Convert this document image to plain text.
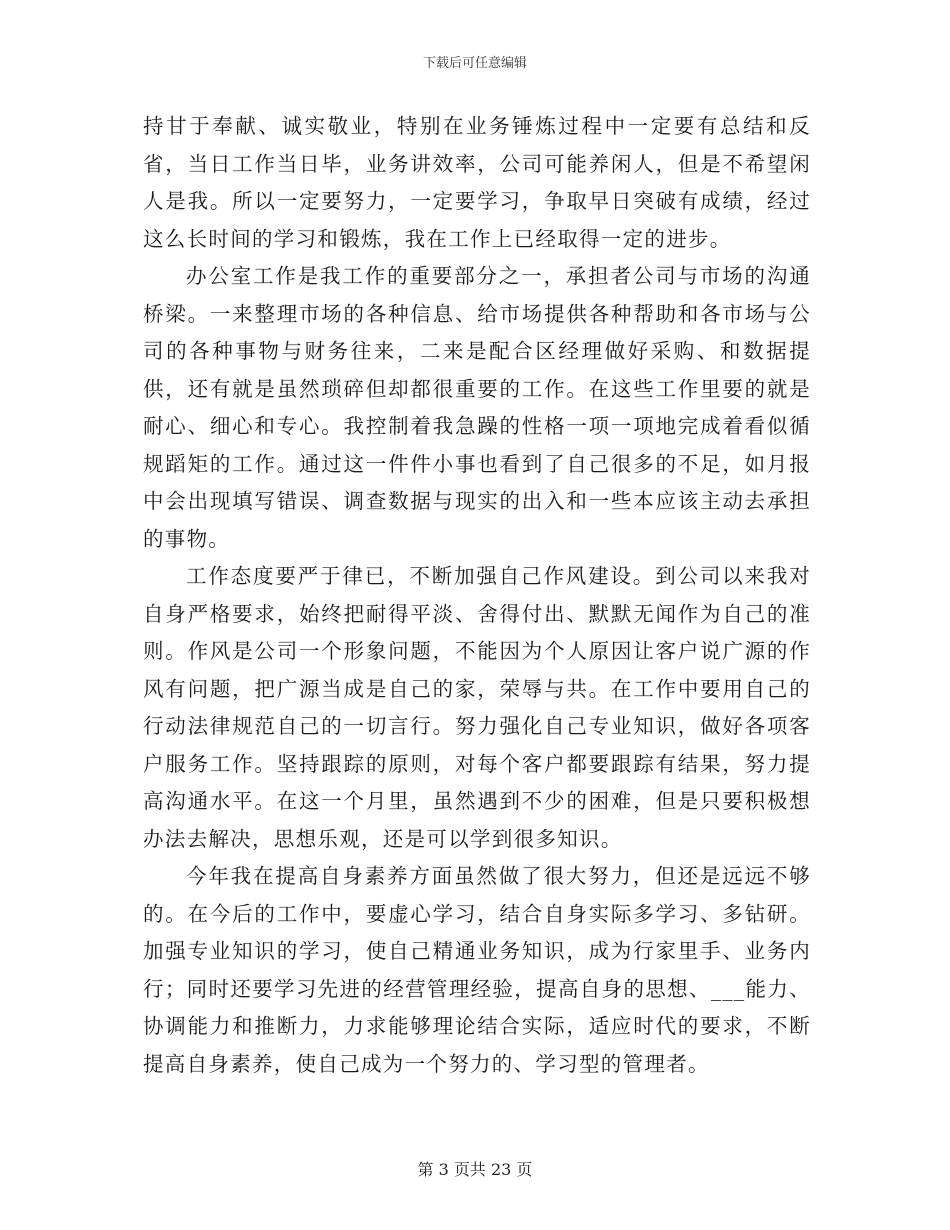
下载后可任意编辑

持甘于奉献、诚实敬业，特别在业务锤炼过程中一定要有总结和反省，当日工作当日毕，业务讲效率，公司可能养闲人，但是不希望闲人是我。所以一定要努力，一定要学习，争取早日突破有成绩，经过这么长时间的学习和锻炼，我在工作上已经取得一定的进步。

办公室工作是我工作的重要部分之一，承担者公司与市场的沟通桥梁。一来整理市场的各种信息、给市场提供各种帮助和各市场与公司的各种事物与财务往来，二来是配合区经理做好采购、和数据提供，还有就是虽然琐碎但却都很重要的工作。在这些工作里要的就是耐心、细心和专心。我控制着我急躁的性格一项一项地完成着看似循规蹈矩的工作。通过这一件件小事也看到了自己很多的不足，如月报中会出现填写错误、调查数据与现实的出入和一些本应该主动去承担的事物。

工作态度要严于律已，不断加强自己作风建设。到公司以来我对自身严格要求，始终把耐得平淡、舍得付出、默默无闻作为自己的准则。作风是公司一个形象问题，不能因为个人原因让客户说广源的作风有问题，把广源当成是自己的家，荣辱与共。在工作中要用自己的行动法律规范自己的一切言行。努力强化自己专业知识，做好各项客户服务工作。坚持跟踪的原则，对每个客户都要跟踪有结果，努力提高沟通水平。在这一个月里，虽然遇到不少的困难，但是只要积极想办法去解决，思想乐观，还是可以学到很多知识。

今年我在提高自身素养方面虽然做了很大努力，但还是远远不够的。在今后的工作中，要虚心学习，结合自身实际多学习、多钻研。加强专业知识的学习，使自己精通业务知识，成为行家里手、业务内行；同时还要学习先进的经营管理经验，提高自身的思想、___能力、协调能力和推断力，力求能够理论结合实际，适应时代的要求，不断提高自身素养，使自己成为一个努力的、学习型的管理者。

第 3 页共 23 页
